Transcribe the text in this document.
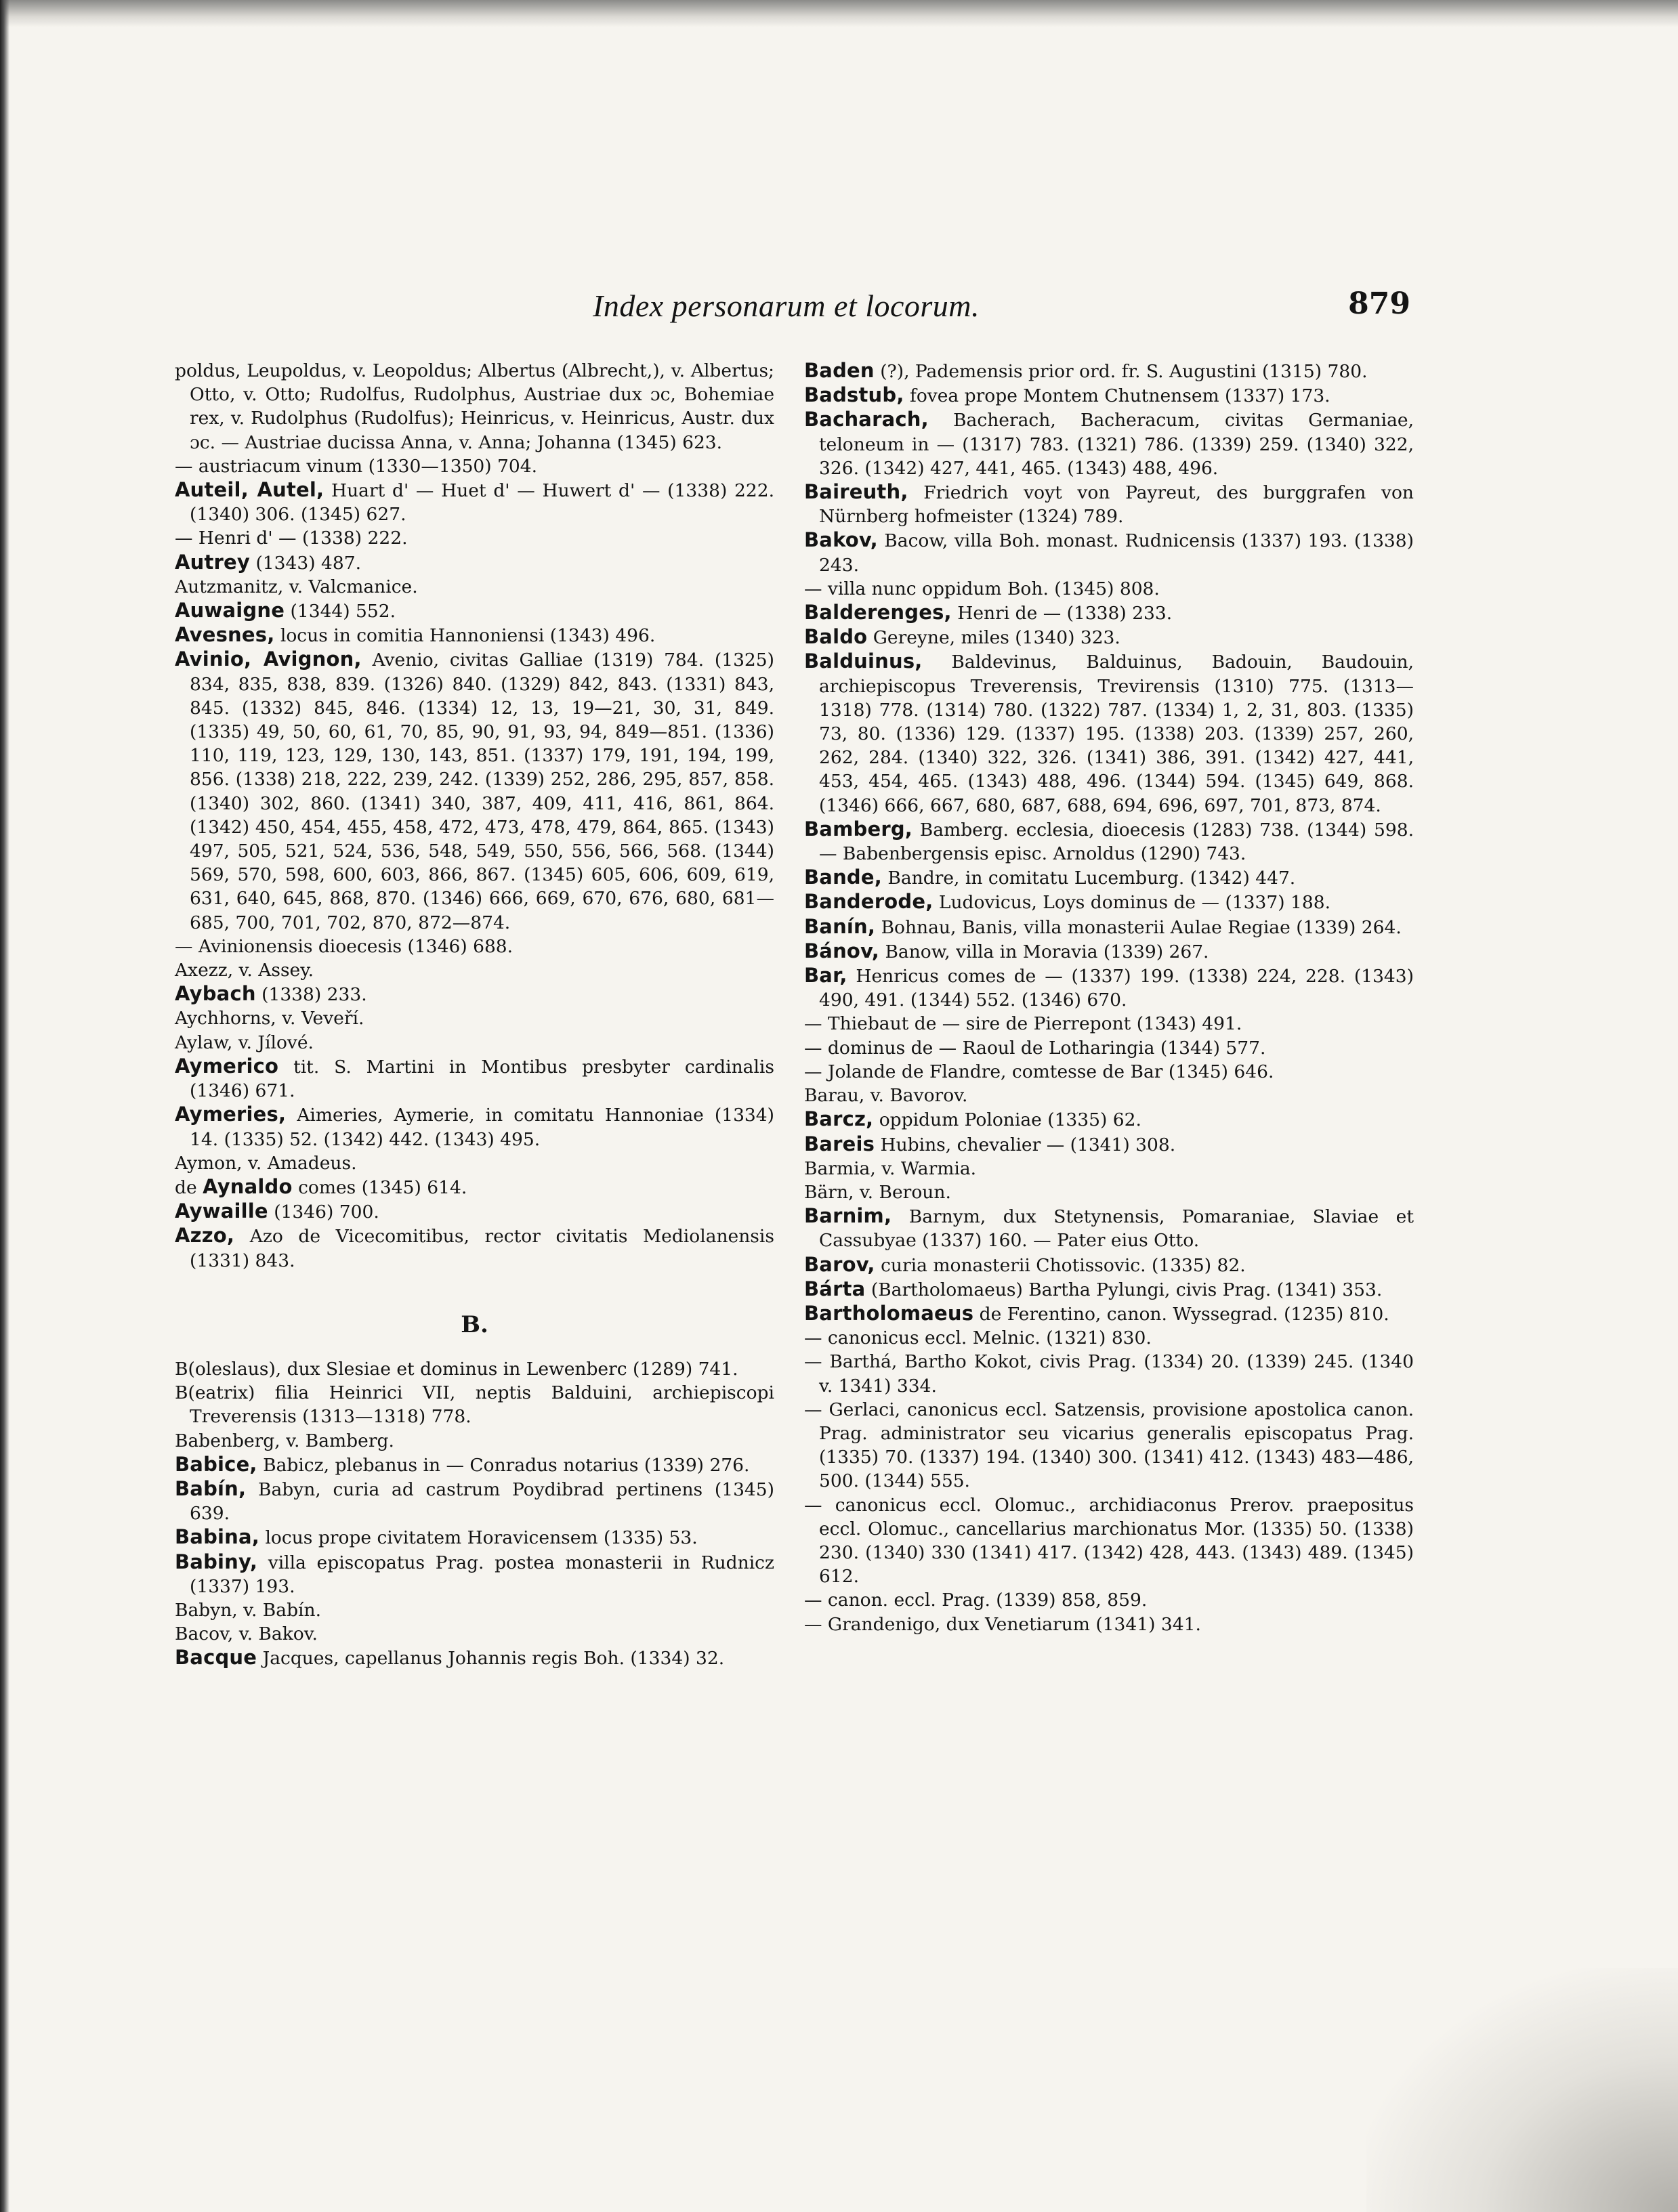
Index personarum et locorum.	879

poldus, Leupoldus, v. Leopoldus; Albertus (Albrecht,), v. Albertus; Otto, v. Otto; Rudolfus, Rudolphus, Austriae dux ɔc, Bohemiae rex, v. Rudolphus (Rudolfus); Heinricus, v. Heinricus, Austr. dux ɔc. — Austriae ducissa Anna, v. Anna; Johanna (1345) 623.

— austriacum vinum (1330—1350) 704.

Auteil, Autel, Huart d' — Huet d' — Huwert d' — (1338) 222. (1340) 306. (1345) 627.

— Henri d' — (1338) 222.

Autrey (1343) 487.

Autzmanitz, v. Valcmanice.

Auwaigne (1344) 552.

Avesnes, locus in comitia Hannoniensi (1343) 496.

Avinio, Avignon, Avenio, civitas Galliae (1319) 784. (1325) 834, 835, 838, 839. (1326) 840. (1329) 842, 843. (1331) 843, 845. (1332) 845, 846. (1334) 12, 13, 19—21, 30, 31, 849. (1335) 49, 50, 60, 61, 70, 85, 90, 91, 93, 94, 849—851. (1336) 110, 119, 123, 129, 130, 143, 851. (1337) 179, 191, 194, 199, 856. (1338) 218, 222, 239, 242. (1339) 252, 286, 295, 857, 858. (1340) 302, 860. (1341) 340, 387, 409, 411, 416, 861, 864. (1342) 450, 454, 455, 458, 472, 473, 478, 479, 864, 865. (1343) 497, 505, 521, 524, 536, 548, 549, 550, 556, 566, 568. (1344) 569, 570, 598, 600, 603, 866, 867. (1345) 605, 606, 609, 619, 631, 640, 645, 868, 870. (1346) 666, 669, 670, 676, 680, 681—685, 700, 701, 702, 870, 872—874.

— Avinionensis dioecesis (1346) 688.

Axezz, v. Assey.

Aybach (1338) 233.

Aychhorns, v. Veveří.

Aylaw, v. Jílové.

Aymerico tit. S. Martini in Montibus presbyter cardinalis (1346) 671.

Aymeries, Aimeries, Aymerie, in comitatu Hannoniae (1334) 14. (1335) 52. (1342) 442. (1343) 495.

Aymon, v. Amadeus.

de Aynaldo comes (1345) 614.

Aywaille (1346) 700.

Azzo, Azo de Vicecomitibus, rector civitatis Mediolanensis (1331) 843.

B.

B(oleslaus), dux Slesiae et dominus in Lewenberc (1289) 741.

B(eatrix) filia Heinrici VII, neptis Balduini, archiepiscopi Treverensis (1313—1318) 778.

Babenberg, v. Bamberg.

Babice, Babicz, plebanus in — Conradus notarius (1339) 276.

Babín, Babyn, curia ad castrum Poydibrad pertinens (1345) 639.

Babina, locus prope civitatem Horavicensem (1335) 53.

Babiny, villa episcopatus Prag. postea monasterii in Rudnicz (1337) 193.

Babyn, v. Babín.

Bacov, v. Bakov.

Bacque Jacques, capellanus Johannis regis Boh. (1334) 32.

Baden (?), Pademensis prior ord. fr. S. Augustini (1315) 780.

Badstub, fovea prope Montem Chutnensem (1337) 173.

Bacharach, Bacherach, Bacheracum, civitas Germaniae, teloneum in — (1317) 783. (1321) 786. (1339) 259. (1340) 322, 326. (1342) 427, 441, 465. (1343) 488, 496.

Baireuth, Friedrich voyt von Payreut, des burggrafen von Nürnberg hofmeister (1324) 789.

Bakov, Bacow, villa Boh. monast. Rudnicensis (1337) 193. (1338) 243.

— villa nunc oppidum Boh. (1345) 808.

Balderenges, Henri de — (1338) 233.

Baldo Gereyne, miles (1340) 323.

Balduinus, Baldevinus, Balduinus, Badouin, Baudouin, archiepiscopus Treverensis, Trevirensis (1310) 775. (1313—1318) 778. (1314) 780. (1322) 787. (1334) 1, 2, 31, 803. (1335) 73, 80. (1336) 129. (1337) 195. (1338) 203. (1339) 257, 260, 262, 284. (1340) 322, 326. (1341) 386, 391. (1342) 427, 441, 453, 454, 465. (1343) 488, 496. (1344) 594. (1345) 649, 868. (1346) 666, 667, 680, 687, 688, 694, 696, 697, 701, 873, 874.

Bamberg, Bamberg. ecclesia, dioecesis (1283) 738. (1344) 598. — Babenbergensis episc. Arnoldus (1290) 743.

Bande, Bandre, in comitatu Lucemburg. (1342) 447.

Banderode, Ludovicus, Loys dominus de — (1337) 188.

Banín, Bohnau, Banis, villa monasterii Aulae Regiae (1339) 264.

Bánov, Banow, villa in Moravia (1339) 267.

Bar, Henricus comes de — (1337) 199. (1338) 224, 228. (1343) 490, 491. (1344) 552. (1346) 670.

— Thiebaut de — sire de Pierrepont (1343) 491.

— dominus de — Raoul de Lotharingia (1344) 577.

— Jolande de Flandre, comtesse de Bar (1345) 646.

Barau, v. Bavorov.

Barcz, oppidum Poloniae (1335) 62.

Bareis Hubins, chevalier — (1341) 308.

Barmia, v. Warmia.

Bärn, v. Beroun.

Barnim, Barnym, dux Stetynensis, Pomaraniae, Slaviae et Cassubyae (1337) 160. — Pater eius Otto.

Barov, curia monasterii Chotissovic. (1335) 82.

Bárta (Bartholomaeus) Bartha Pylungi, civis Prag. (1341) 353.

Bartholomaeus de Ferentino, canon. Wyssegrad. (1235) 810.

— canonicus eccl. Melnic. (1321) 830.

— Barthá, Bartho Kokot, civis Prag. (1334) 20. (1339) 245. (1340 v. 1341) 334.

— Gerlaci, canonicus eccl. Satzensis, provisione apostolica canon. Prag. administrator seu vicarius generalis episcopatus Prag. (1335) 70. (1337) 194. (1340) 300. (1341) 412. (1343) 483—486, 500. (1344) 555.

— canonicus eccl. Olomuc., archidiaconus Prerov. praepositus eccl. Olomuc., cancellarius marchionatus Mor. (1335) 50. (1338) 230. (1340) 330 (1341) 417. (1342) 428, 443. (1343) 489. (1345) 612.

— canon. eccl. Prag. (1339) 858, 859.

— Grandenigo, dux Venetiarum (1341) 341.
